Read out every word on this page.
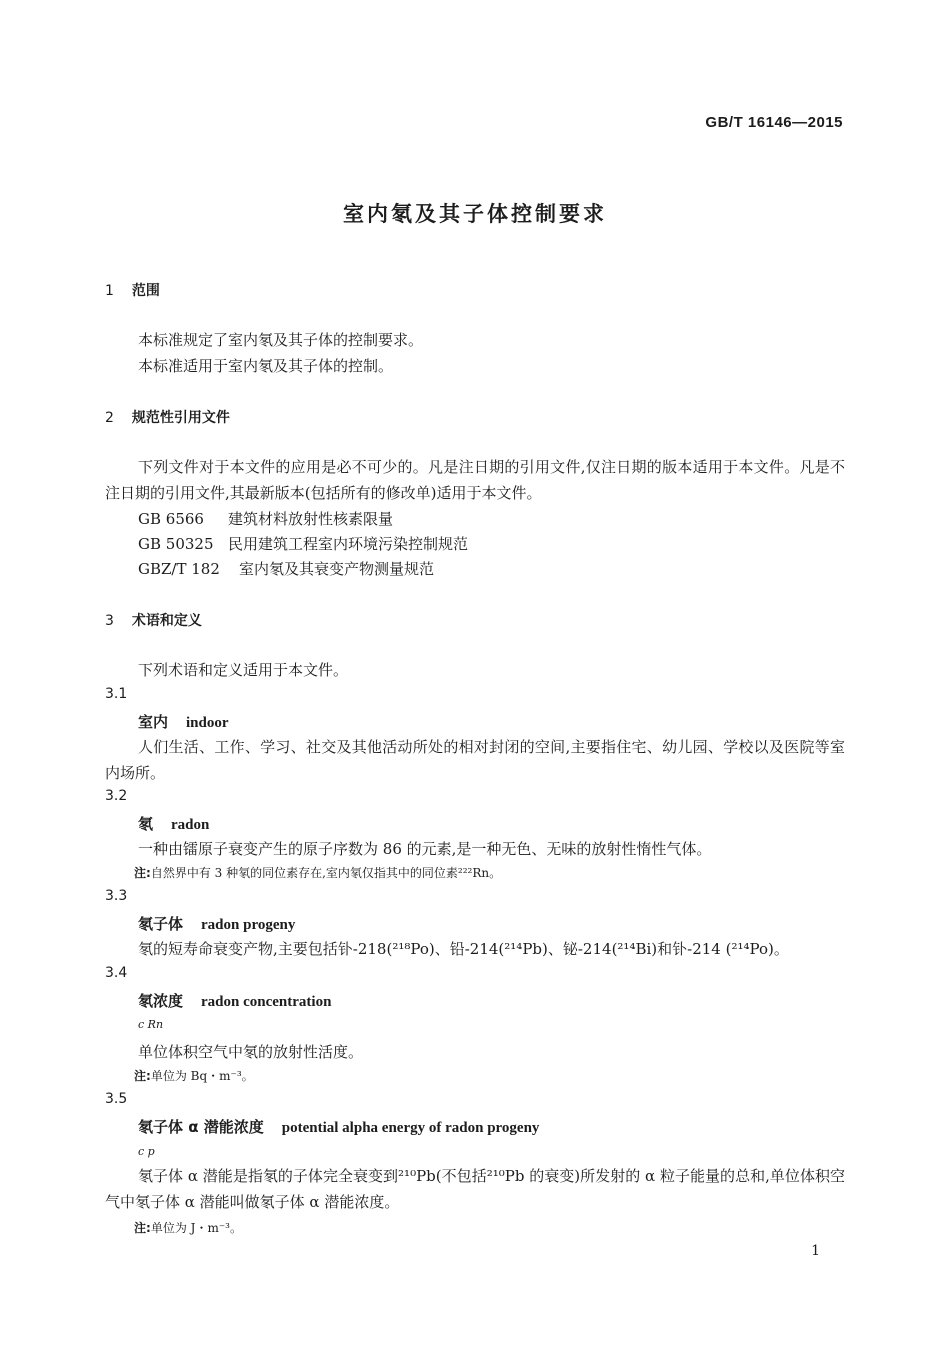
GB/T 16146—2015
室内氡及其子体控制要求
1 范围
本标准规定了室内氡及其子体的控制要求。
本标准适用于室内氡及其子体的控制。
2 规范性引用文件
下列文件对于本文件的应用是必不可少的。凡是注日期的引用文件,仅注日期的版本适用于本文件。凡是不注日期的引用文件,其最新版本(包括所有的修改单)适用于本文件。
GB 6566 建筑材料放射性核素限量
GB 50325 民用建筑工程室内环境污染控制规范
GBZ/T 182 室内氡及其衰变产物测量规范
3 术语和定义
下列术语和定义适用于本文件。
3.1
室内 indoor
人们生活、工作、学习、社交及其他活动所处的相对封闭的空间,主要指住宅、幼儿园、学校以及医院等室内场所。
3.2
氡 radon
一种由镭原子衰变产生的原子序数为 86 的元素,是一种无色、无味的放射性惰性气体。
注:自然界中有 3 种氡的同位素存在,室内氡仅指其中的同位素²²²Rn。
3.3
氡子体 radon progeny
氡的短寿命衰变产物,主要包括钋-218(²¹⁸Po)、铅-214(²¹⁴Pb)、铋-214(²¹⁴Bi)和钋-214 (²¹⁴Po)。
3.4
氡浓度 radon concentration
c Rn
单位体积空气中氡的放射性活度。
注:单位为 Bq・m⁻³。
3.5
氡子体 α 潜能浓度 potential alpha energy of radon progeny
c p
氡子体 α 潜能是指氡的子体完全衰变到²¹⁰Pb(不包括²¹⁰Pb 的衰变)所发射的 α 粒子能量的总和,单位体积空气中氡子体 α 潜能叫做氡子体 α 潜能浓度。
注:单位为 J・m⁻³。
1
